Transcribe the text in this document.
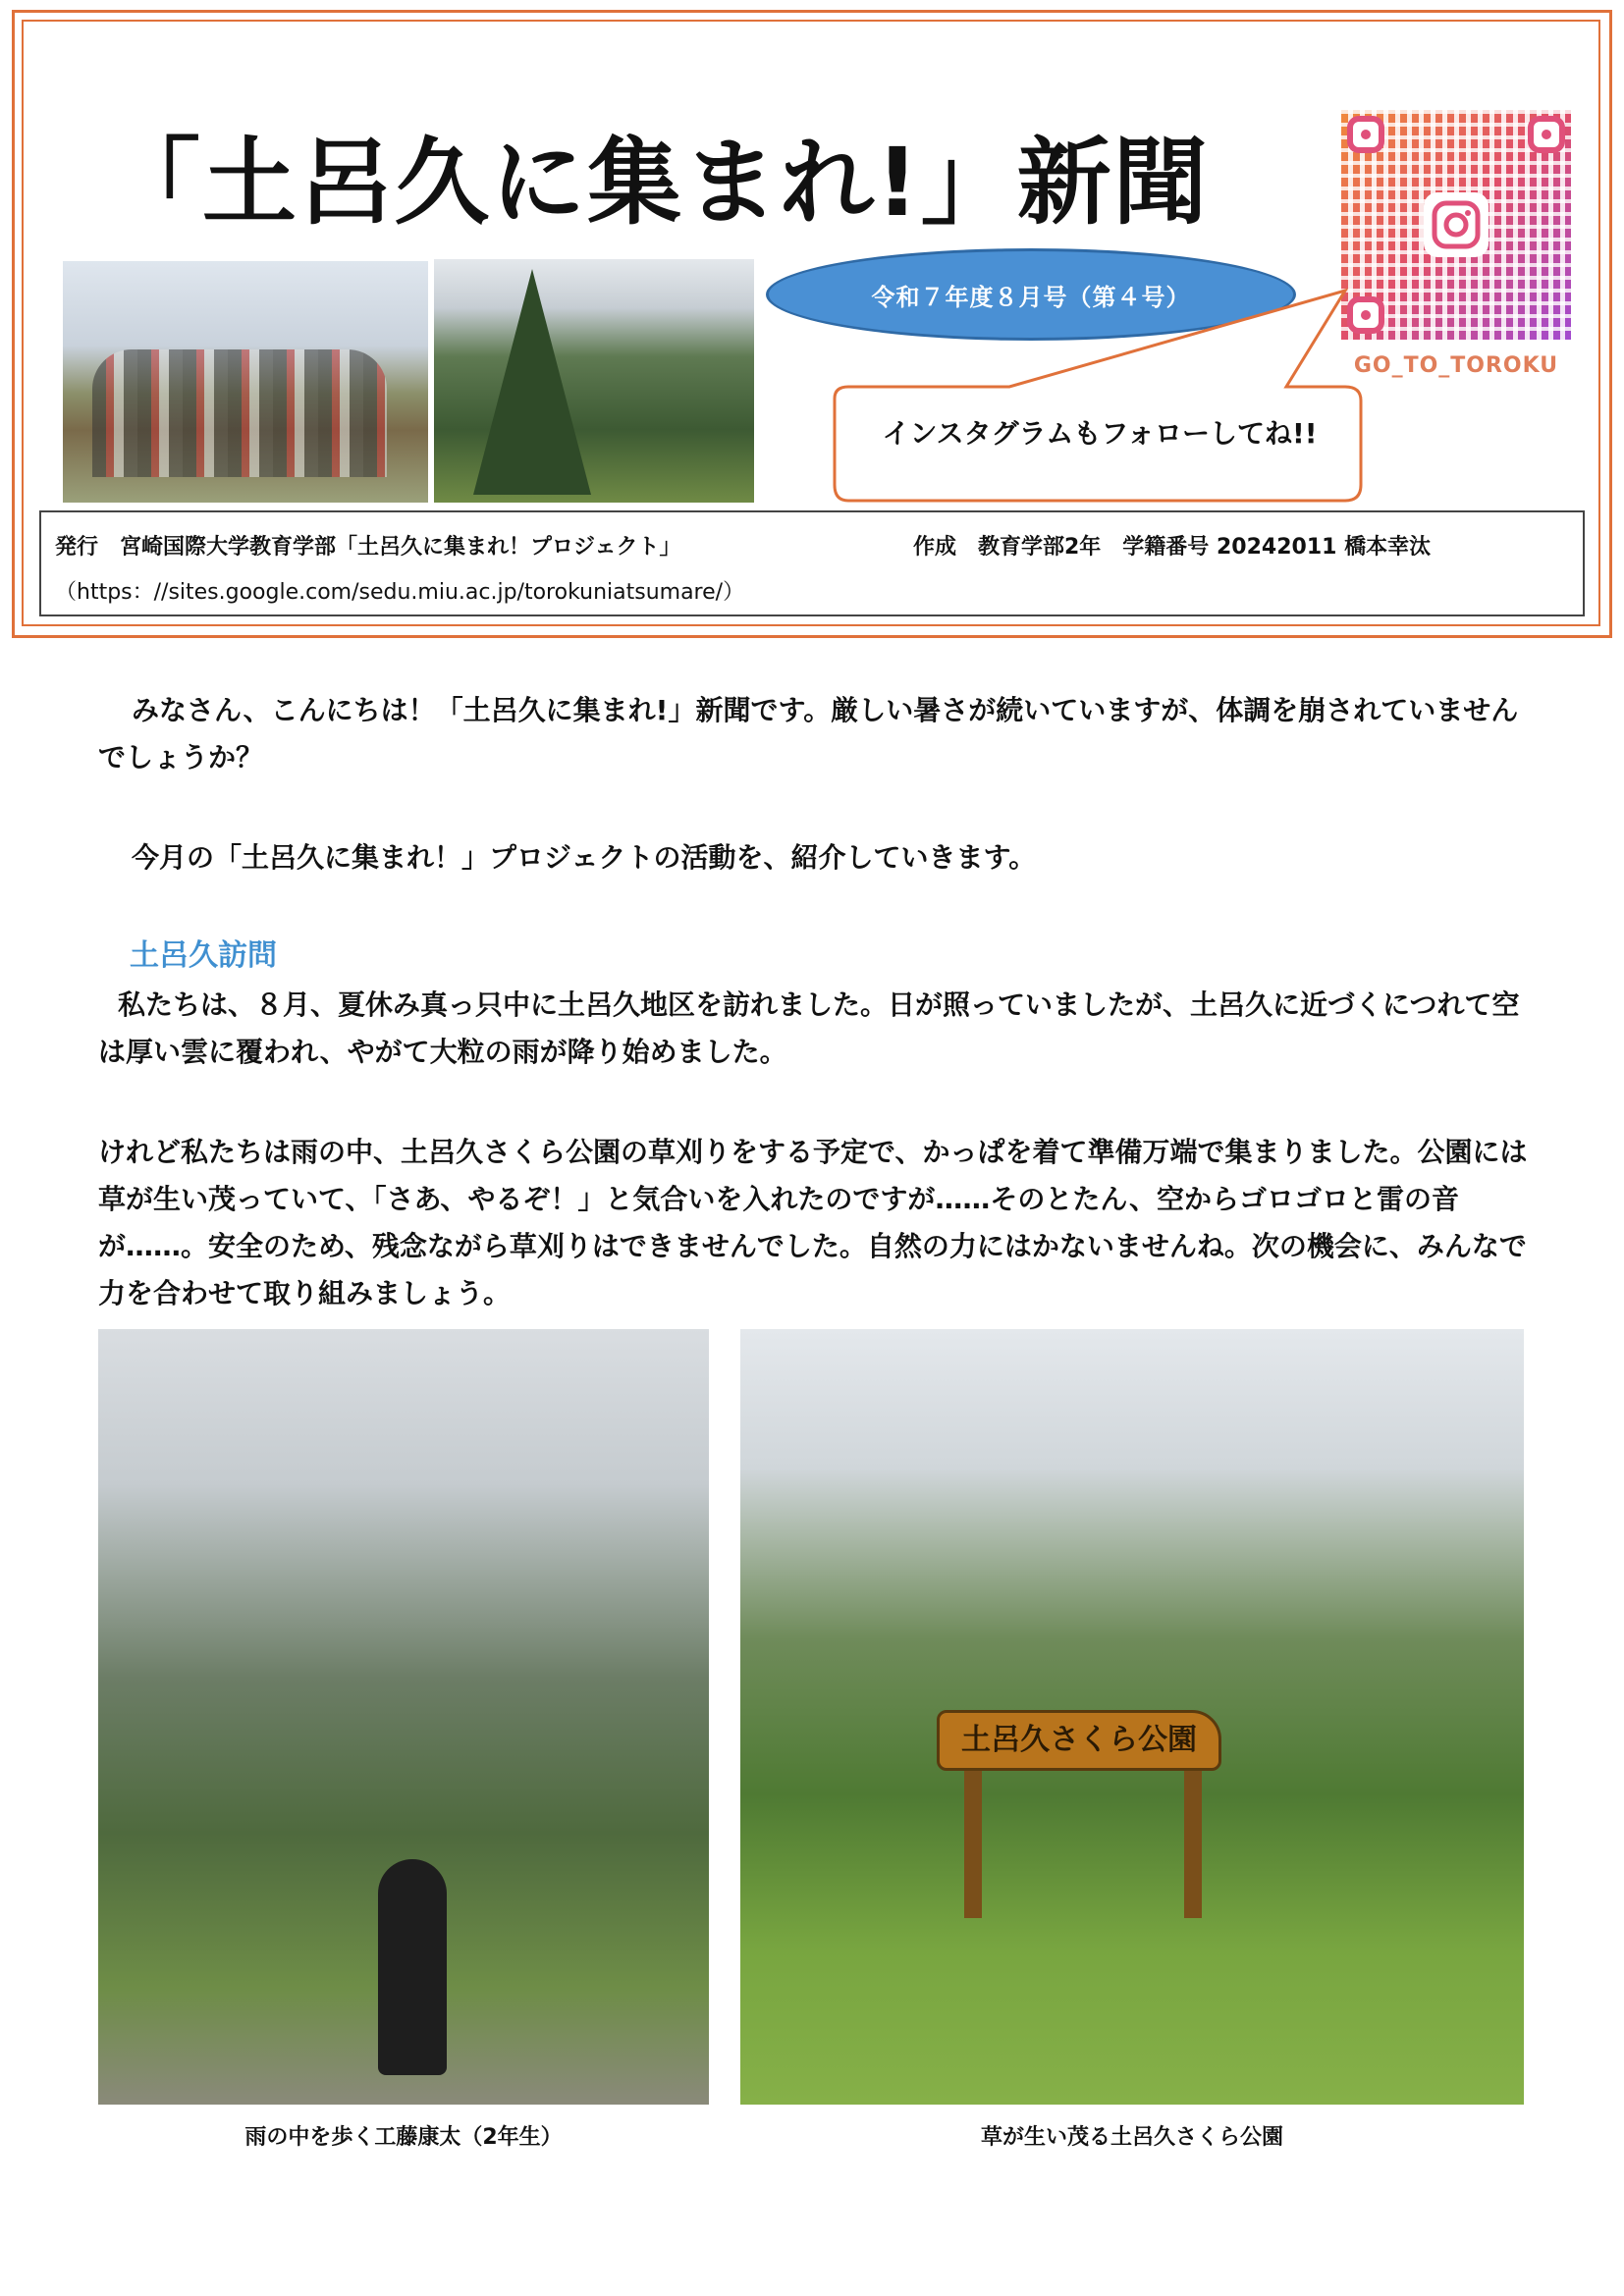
「土呂久に集まれ!」新聞
令和７年度８月号（第４号）
GO_TO_TOROKU
インスタグラムもフォローしてね!!
発行　宮崎国際大学教育学部「土呂久に集まれ！プロジェクト」	作成　教育学部2年　学籍番号 20242011 橋本幸汰
（https：//sites.google.com/sedu.miu.ac.jp/torokuniatsumare/）
みなさん、こんにちは！「土呂久に集まれ!」新聞です。厳しい暑さが続いていますが、体調を崩されていませんでしょうか？
今月の「土呂久に集まれ！」プロジェクトの活動を、紹介していきます。
土呂久訪問
私たちは、８月、夏休み真っ只中に土呂久地区を訪れました。日が照っていましたが、土呂久に近づくにつれて空は厚い雲に覆われ、やがて大粒の雨が降り始めました。
けれど私たちは雨の中、土呂久さくら公園の草刈りをする予定で、かっぱを着て準備万端で集まりました。公園には草が生い茂っていて、「さあ、やるぞ！」と気合いを入れたのですが……そのとたん、空からゴロゴロと雷の音が……。安全のため、残念ながら草刈りはできませんでした。自然の力にはかないませんね。次の機会に、みんなで力を合わせて取り組みましょう。
土呂久さくら公園
雨の中を歩く工藤康太（2年生）	草が生い茂る土呂久さくら公園
